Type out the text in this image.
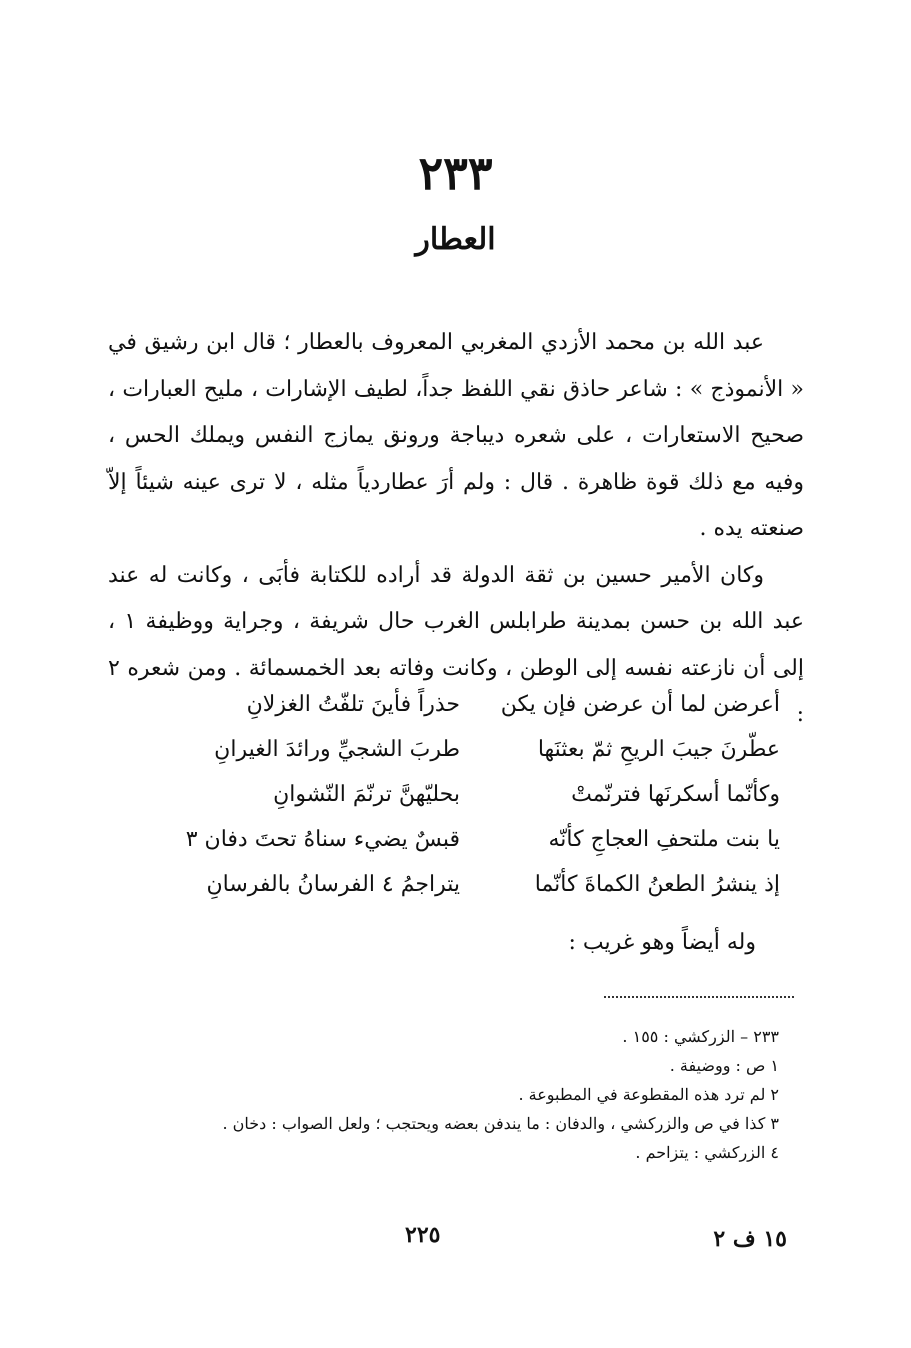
٢٣٣
العطار

عبد الله بن محمد الأزدي المغربي المعروف بالعطار ؛ قال ابن رشيق في « الأنموذج » : شاعر حاذق نقي اللفظ جداً، لطيف الإشارات ، مليح العبارات ، صحيح الاستعارات ، على شعره ديباجة ورونق يمازج النفس ويملك الحس ، وفيه مع ذلك قوة ظاهرة . قال : ولم أرَ عطاردياً مثله ، لا ترى عينه شيئاً إلاّ صنعته يده .

وكان الأمير حسين بن ثقة الدولة قد أراده للكتابة فأبَى ، وكانت له عند عبد الله بن حسن بمدينة طرابلس الغرب حال شريفة ، وجراية ووظيفة ١ ، إلى أن نازعته نفسه إلى الوطن ، وكانت وفاته بعد الخمسمائة . ومن شعره ٢ :

أعرضن لما أن عرضن فإن يكن
حذراً فأينَ تلفّتُ الغزلانِ
عطّرنَ جيبَ الريحِ ثمّ بعثنَها
طربَ الشجيِّ ورائدَ الغيرانِ
وكأنّما أسكرنَها فترنّمتْ
بحليّهنَّ ترنّمَ النّشوانِ
يا بنت ملتحفِ العجاجِ كأنّه
قبسٌ يضيء سناهُ تحتَ دفان ٣
إذ ينشرُ الطعنُ الكماةَ كأنّما
يتراجمُ ٤ الفرسانُ بالفرسانِ
وله أيضاً وهو غريب :
٢٣٣ – الزركشي : ١٥٥ .
١ ص : ووضيفة .
٢ لم ترد هذه المقطوعة في المطبوعة .
٣ كذا في ص والزركشي ، والدفان : ما يندفن بعضه ويحتجب ؛ ولعل الصواب : دخان .
٤ الزركشي : يتزاحم .
٢٢٥	١٥ ف ٢
